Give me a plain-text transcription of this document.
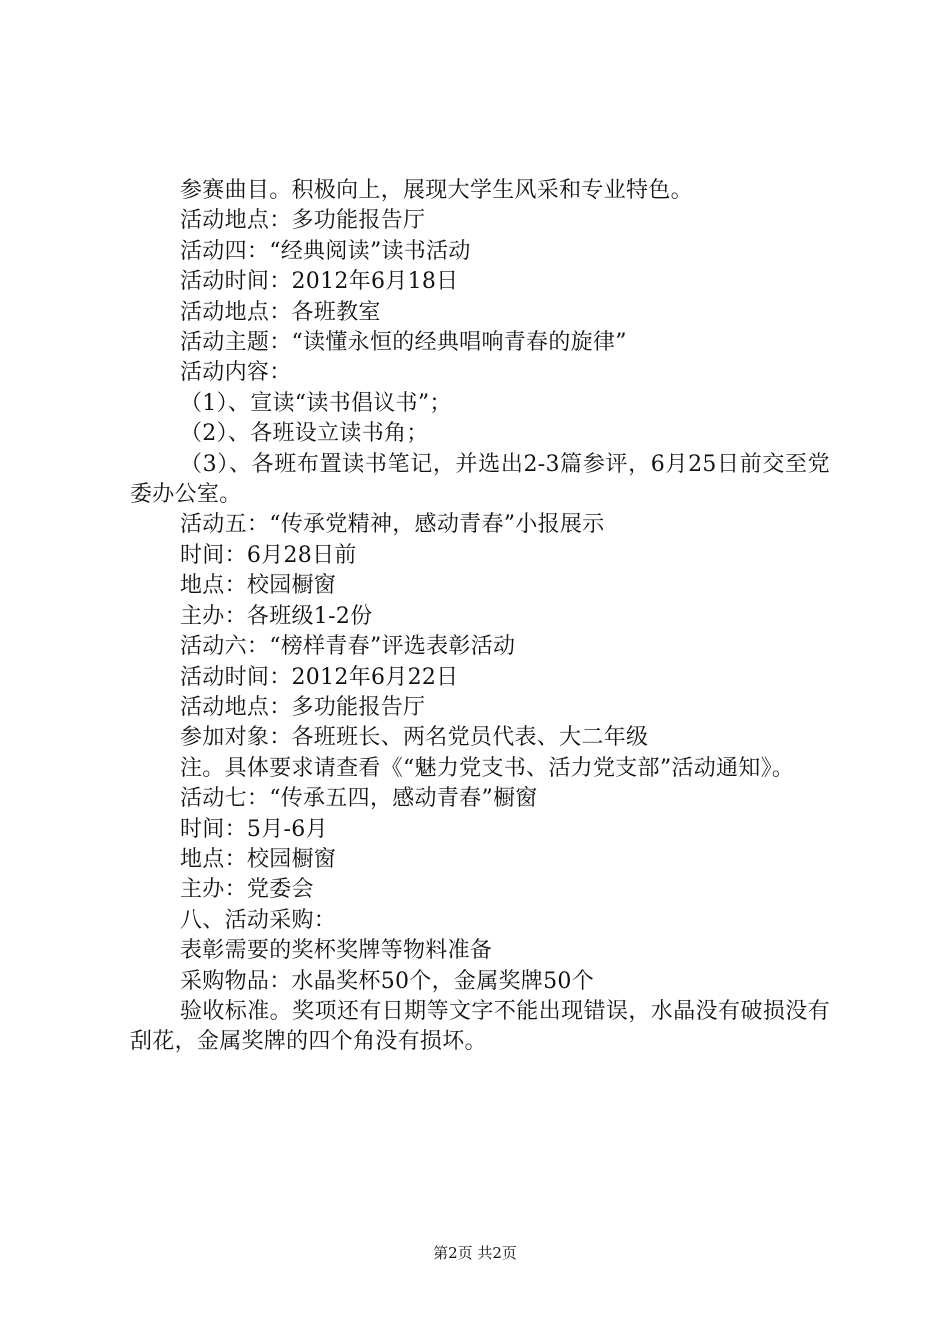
参赛曲目。积极向上，展现大学生风采和专业特色。

活动地点：多功能报告厅

活动四：“经典阅读”读书活动

活动时间：2012年6月18日

活动地点：各班教室

活动主题：“读懂永恒的经典唱响青春的旋律”

活动内容：

（1）、宣读“读书倡议书”；

（2）、各班设立读书角；

（3）、各班布置读书笔记，并选出2-3篇参评，6月25日前交至党委办公室。

活动五：“传承党精神，感动青春”小报展示

时间：6月28日前

地点：校园橱窗

主办：各班级1-2份

活动六：“榜样青春”评选表彰活动

活动时间：2012年6月22日

活动地点：多功能报告厅

参加对象：各班班长、两名党员代表、大二年级

注。具体要求请查看《“魅力党支书、活力党支部”活动通知》。

活动七：“传承五四，感动青春”橱窗

时间：5月-6月

地点：校园橱窗

主办：党委会

八、活动采购：

表彰需要的奖杯奖牌等物料准备

采购物品：水晶奖杯50个，金属奖牌50个

验收标准。奖项还有日期等文字不能出现错误，水晶没有破损没有刮花，金属奖牌的四个角没有损坏。

第2页 共2页
